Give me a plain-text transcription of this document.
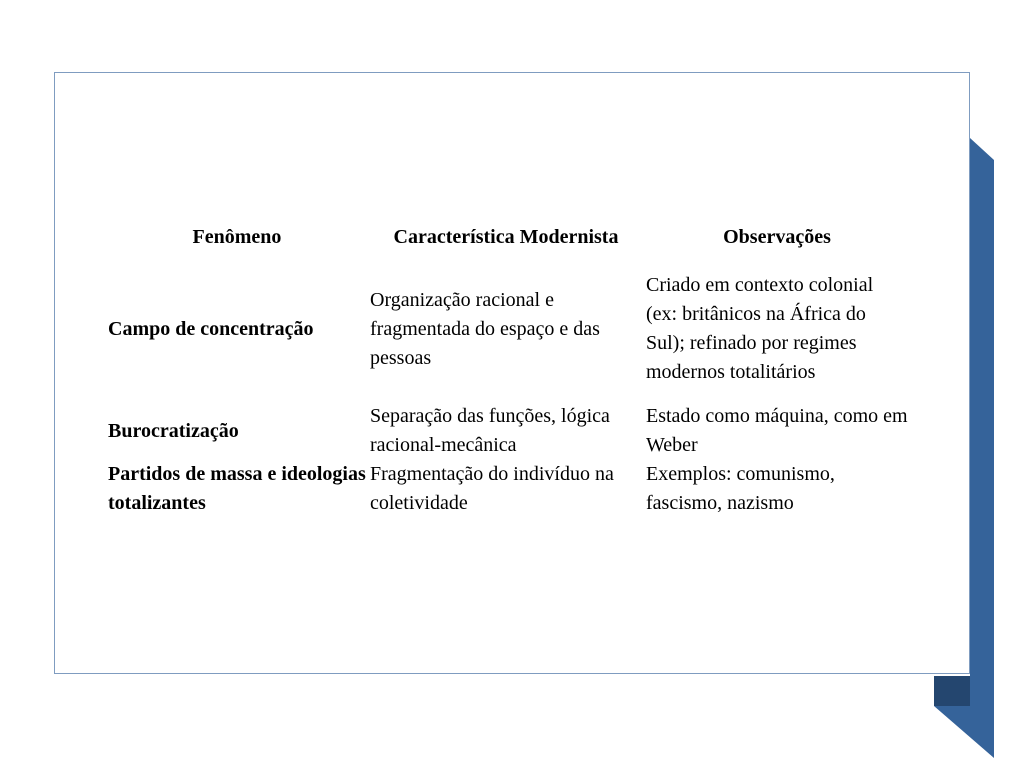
Fenômeno	Característica Modernista	Observações
Campo de concentração	Organização racional e fragmentada do espaço e das pessoas	Criado em contexto colonial (ex: britânicos na África do Sul); refinado por regimes modernos totalitários
Burocratização	Separação das funções, lógica racional-mecânica	Estado como máquina, como em Weber
Partidos de massa e ideologias totalizantes	Fragmentação do indivíduo na coletividade	Exemplos: comunismo, fascismo, nazismo
